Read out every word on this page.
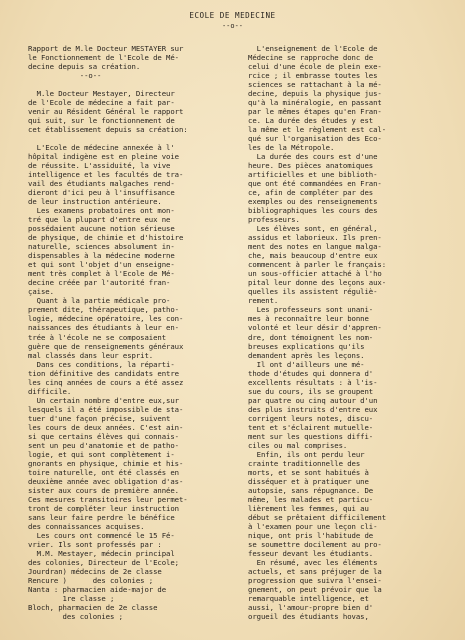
ECOLE DE MEDECINE
--o--
Rapport de M.le Docteur MESTAYER sur
le Fonctionnement de l'Ecole de Mé-
decine depuis sa création.
--o--

M.le Docteur Mestayer, Directeur
de l'Ecole de médecine a fait par-
venir au Résident Général le rapport
qui suit, sur le fonctionnement de
cet établissement depuis sa création:

L'Ecole de médecine annexée à l'
hôpital indigène est en pleine voie
de réussite. L'assiduité, la vive
intelligence et les facultés de tra-
vail des étudiants malgaches rend-
dieront d'ici peu à l'insuffisance
de leur instruction antérieure.
Les examens probatoires ont mon-
tré que la plupart d'entre eux ne
possédaient aucune notion sérieuse
de physique, de chimie et d'histoire
naturelle, sciences absolument in-
dispensables à la médecine moderne
et qui sont l'objet d'un enseigne-
ment très complet à l'Ecole de Mé-
decine créée par l'autorité fran-
çaise.
Quant à la partie médicale pro-
prement dite, thérapeutique, patho-
logie, médecine opératoire, les con-
naissances des étudiants à leur en-
trée à l'école ne se composaient
guère que de renseignements généraux
mal classés dans leur esprit.
Dans ces conditions, la réparti-
tion définitive des candidats entre
les cinq années de cours a été assez
difficile.
Un certain nombre d'entre eux,sur
lesquels il a été impossible de sta-
tuer d'une façon précise, suivent
les cours de deux années. C'est ain-
si que certains élèves qui connais-
sent un peu d'anatomie et de patho-
logie, et qui sont complètement i-
gnorants en physique, chimie et his-
toire naturelle, ont été classés en
deuxième année avec obligation d'as-
sister aux cours de première année.
Ces mesures transitoires leur permet-
tront de compléter leur instruction
sans leur faire perdre le bénéfice
des connaissances acquises.
Les cours ont commencé le 15 Fé-
vrier. Ils sont professés par :
M.M. Mestayer, médecin principal
des colonies, Directeur de l'Ecole;
Jourdran) médecins de 2e classe
Rencure )      des colonies ;
Nanta : pharmacien aide-major de
1re classe ;
Bloch, pharmacien de 2e classe
des colonies ;
L'enseignement de l'Ecole de
Médecine se rapproche donc de
celui d'une école de plein exe-
rcice ; il embrasse toutes les
sciences se rattachant à la mé-
decine, depuis la physique jus-
qu'à la minéralogie, en passant
par le mêmes étapes qu'en Fran-
ce. La durée des études y est
la même et le règlement est cal-
qué sur l'organisation des Eco-
les de la Métropole.
La durée des cours est d'une
heure. Des pièces anatomiques
artificielles et une biblioth-
que ont été commandées en Fran-
ce, afin de compléter par des
exemples ou des renseignements
bibliographiques les cours des
professeurs.
Les élèves sont, en général,
assidus et laborieux. Ils pren-
ment des notes en langue malga-
che, mais beaucoup d'entre eux
commencent à parler le français:
un sous-officier attaché à l'ho
pital leur donne des leçons aux-
quelles ils assistent réguliè-
rement.
Les professeurs sont unani-
mes à reconnaître leur bonne
volonté et leur désir d'appren-
dre, dont témoignent les nom-
breuses explications qu'ils
demandent après les leçons.
Il ont d'ailleurs une mé-
thode d'études qui donnera d'
excellents résultats : à l'is-
sue du cours, ils se groupent
par quatre ou cinq autour d'un
des plus instruits d'entre eux
corrigent leurs notes, discu-
tent et s'éclairent mutuelle-
ment sur les questions diffi-
ciles ou mal comprises.
Enfin, ils ont perdu leur
crainte traditionnelle des
morts, et se sont habitués à
disséquer et à pratiquer une
autopsie, sans répugnance. De
même, les malades et particu-
lièrement les femmes, qui au
début se prêtaient difficilement
à l'examen pour une leçon cli-
nique, ont pris l'habitude de
se soumettre docilement au pro-
fesseur devant les étudiants.
En résumé, avec les éléments
actuels, et sans préjuger de la
progression que suivra l'ensei-
gnement, on peut prévoir que la
remarquable intelligence, et
aussi, l'amour-propre bien d'
orgueil des étudiants hovas,
